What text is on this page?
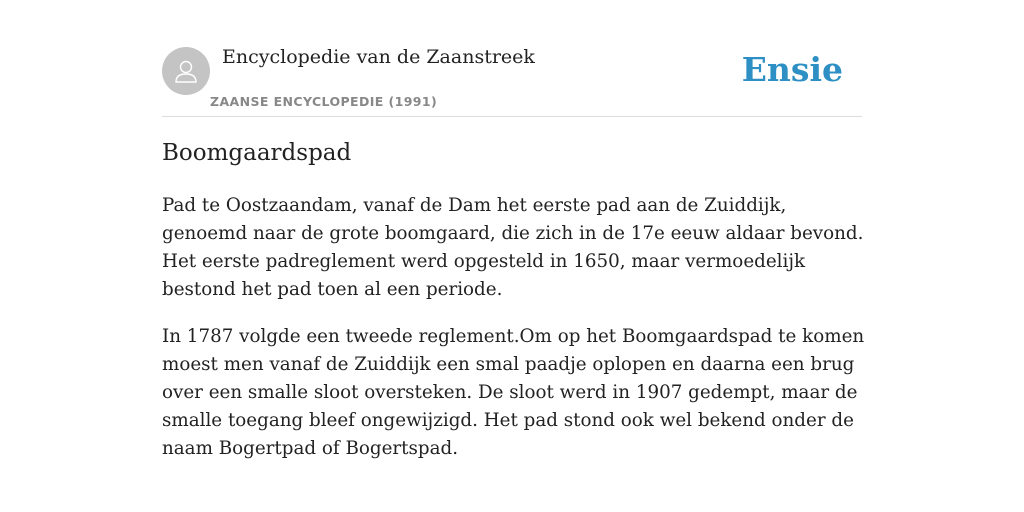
Encyclopedie van de Zaanstreek
ZAANSE ENCYCLOPEDIE (1991)
Ensie
Boomgaardspad

Pad te Oostzaandam, vanaf de Dam het eerste pad aan de Zuiddijk, genoemd naar de grote boomgaard, die zich in de 17e eeuw aldaar bevond. Het eerste padreglement werd opgesteld in 1650, maar vermoedelijk bestond het pad toen al een periode.

In 1787 volgde een tweede reglement.Om op het Boomgaardspad te komen moest men vanaf de Zuiddijk een smal paadje oplopen en daarna een brug over een smalle sloot oversteken. De sloot werd in 1907 gedempt, maar de smalle toegang bleef ongewijzigd. Het pad stond ook wel bekend onder de naam Bogertpad of Bogertspad.
